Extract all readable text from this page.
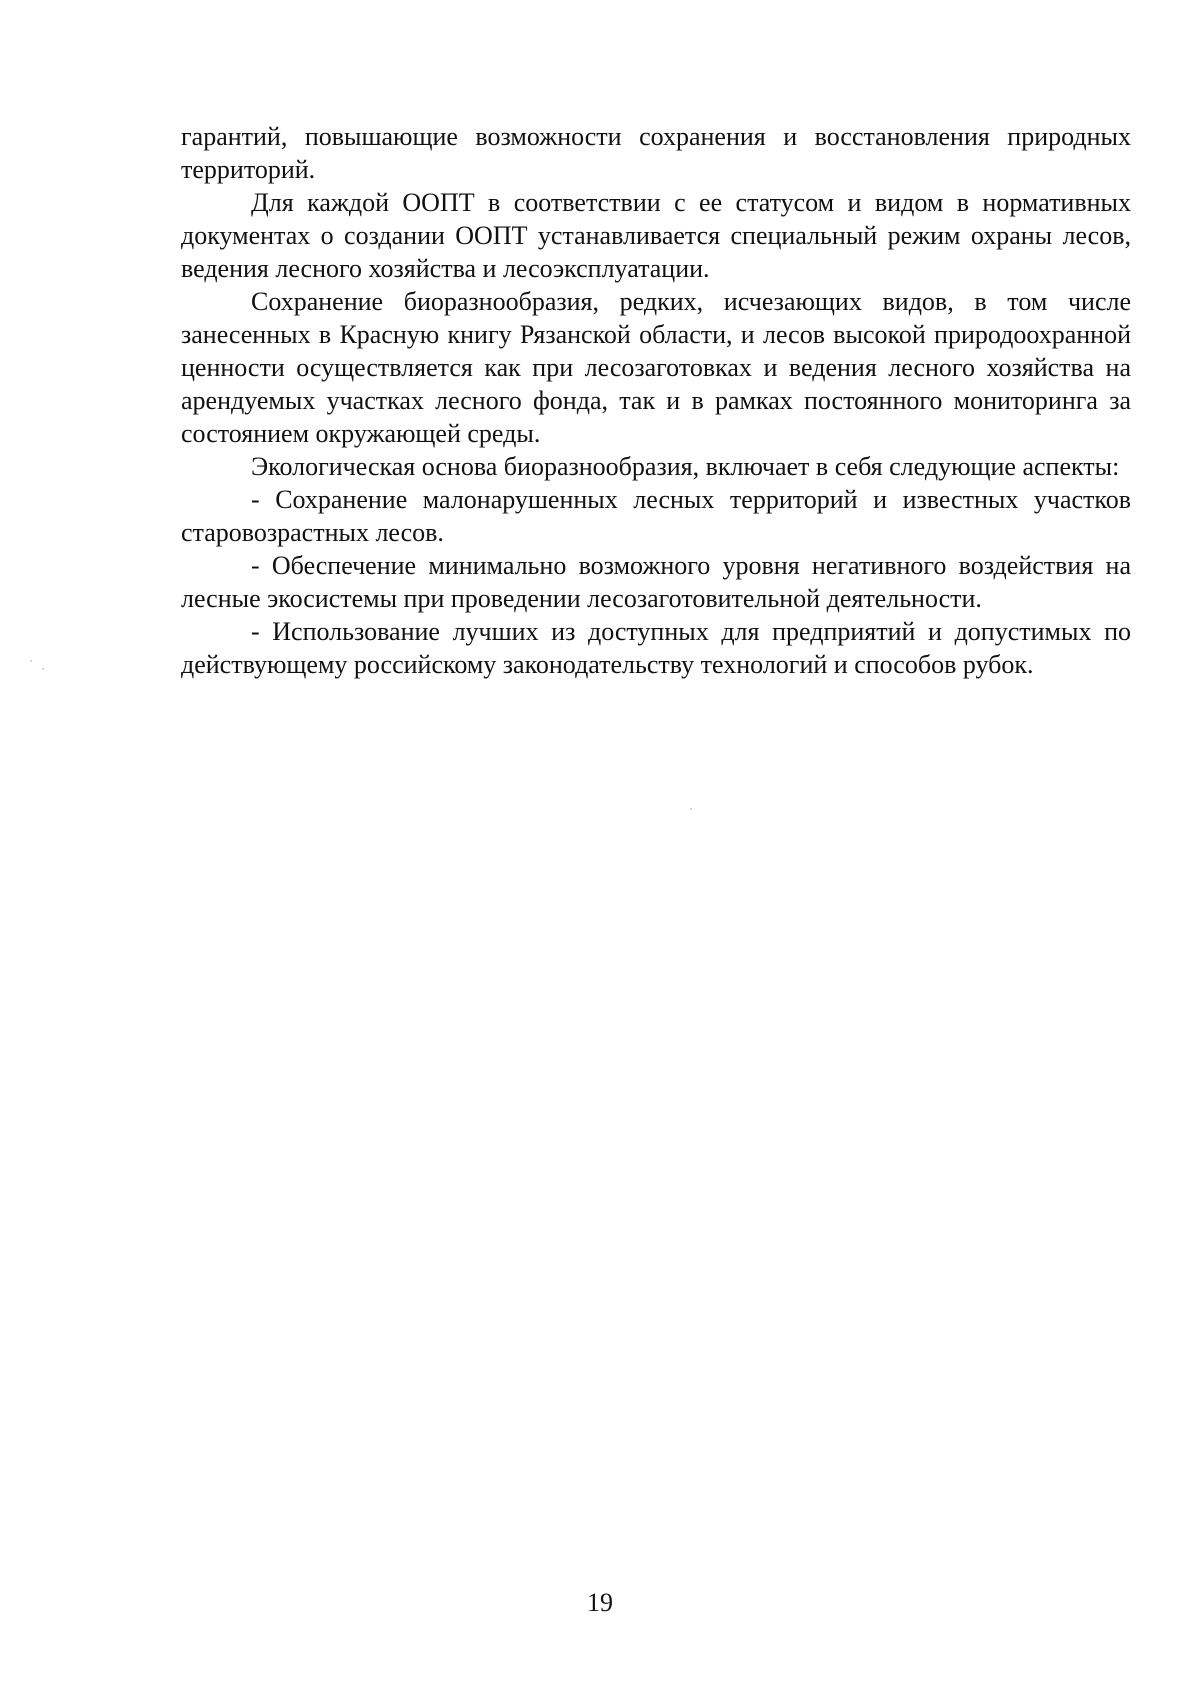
гарантий, повышающие возможности сохранения и восстановления природных территорий.

Для каждой ООПТ в соответствии с ее статусом и видом в нормативных документах о создании ООПТ устанавливается специальный режим охраны лесов, ведения лесного хозяйства и лесоэксплуатации.

Сохранение биоразнообразия, редких, исчезающих видов, в том числе занесенных в Красную книгу Рязанской области, и лесов высокой природоохранной ценности осуществляется как при лесозаготовках и ведения лесного хозяйства на арендуемых участках лесного фонда, так и в рамках постоянного мониторинга за состоянием окружающей среды.

Экологическая основа биоразнообразия, включает в себя следующие аспекты:

- Сохранение малонарушенных лесных территорий и известных участков старовозрастных лесов.

- Обеспечение минимально возможного уровня негативного воздействия на лесные экосистемы при проведении лесозаготовительной деятельности.

- Использование лучших из доступных для предприятий и допустимых по действующему российскому законодательству технологий и способов рубок.

19
